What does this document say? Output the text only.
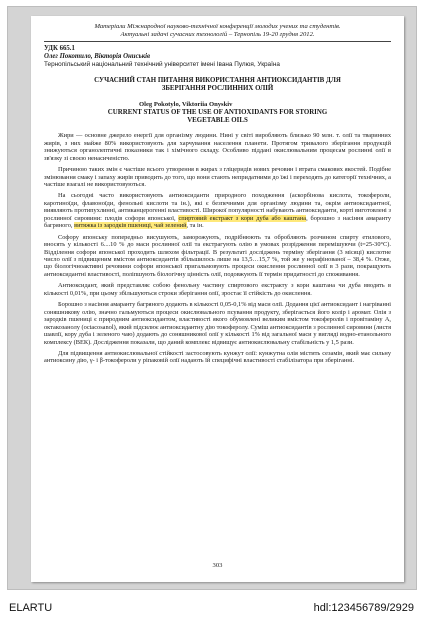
Матеріали Міжнародної науково-технічної конференції молодих учених та студентів.

Актуальні задачі сучасних технологій – Тернопіль 19-20 грудня 2012.

УДК 665.1

Олег Покотило, Вікторія Ониськів

Тернопільський національний технічний університет імені Івана Пулюя, Україна

СУЧАСНИЙ СТАН ПИТАННЯ ВИКОРИСТАННЯ АНТИОКСИДАНТІВ ДЛЯ

ЗБЕРІГАННЯ РОСЛИННИХ ОЛІЙ

Oleg Pokotylo, Viktoriia Onyskiv

CURRENT STATUS OF THE USE OF ANTIOXIDANTS FOR STORING

VEGETABLE OILS

Жири — основне джерело енергії для організму людини. Нині у світі виробляють близько 90 млн. т. олії та тваринних жирів, з них майже 80% використовують для харчування населення планети. Протягом тривалого зберігання продукцій знижуються органолептичні показники так і хімічного складу. Особливо піддані окислювальним процесам рослинні олії в зв'язку зі своєю ненасиченістю.

Причиною таких змін є частіше всього утворення в жирах з гліцеридів нових речовин і втрата смакових якостей. Подібне змінювання смаку і запаху жирів приводить до того, що вони стають непридатними до їжі і переходять до категорії технічних, а частіше взагалі не використовуються.

На сьогодні часто використовують антиоксиданти природного походження (аскорбінова кислота, токофероли, каротиноїди, флавоноїди, фенольні кислоти та ін.), які є безпечними для організму людини та, окрім антиоксидантної, виявляють протипухлинні, антиканцерогенні властивості. Широкої популярності набувають антиоксиданти, корті виготовлені з рослинної сировини: плодів софори японської, спиртовий екстракт з кори дуба або каштана, борошно з насіння амаранту багряного, витяжка із зародків пшениці, чай зелений, та ін.

Софору японську попередньо висушують, заморожують, подрібнюють та обробляють розчином спирту етилового, вносять у кількості 6....10 % до маси рослинної олії та екстрагують олію в умовах розрідження перемішуючи (t=25-30°С). Відділення софори японської проходить шляхом фільтрації. В результаті досліджень терміну зберігання (3 місяці) кислотне число олії з підвищеним вмістом антиоксидантів збільшилось лише на 13,5…15,7 %, той же у нерафінованої – 38,4 %. Отже, що біологічноактивні речовини софори японської пригальмовують процеси окислення рослинної олії в 3 рази, покращують антиоксидантні властивості, поліпшують біологічну цінність олії, подовжують її термін придатності до споживання.

Антиоксидант, який представляє собою фенольну частину спиртового екстракту з кори каштана чи дуба вводять в кількості 0,01%, при цьому збільшуються строки зберігання олії, зростає її стійкість до окислення.

Борошно з насіння амаранту багряного додають в кількості 0,05-0,1% від маси олії. Додання цієї антиоксидант і нагріванні соняшникову олію, значно гальмуються процеси окислювального псування продукту, зберігається його колір і аромат. Олія з зародків пшениці є природним антиоксидантом, властивості якого обумовлені великим вмістом токоферолів і провітаміну А, октакозанолу (octacosanol), який підсилює антиоксидантну дію токоферолу. Суміш антиоксидантів з рослинної сировини (листя шавлії, кору дуба і зеленого чаю) додають до соняшникової олії у кількості 1% від загальної маси у вигляді водно-етанольного комплексу (ВЕК). Дослідження показали, що даний комплекс відвищує антиокислювальну стабільність у 1,5 рази.

Для підвищення антиокислювальної стійкості застосовують кунжут олії: кунжутна олія містить сезамін, який має сильну антиоксину дію, γ- і β-токофероли у ріпаковій олії надають їй специфічні властивості стабілізатора при зберіганні.

303
ELARTU	hdl:123456789/2929
